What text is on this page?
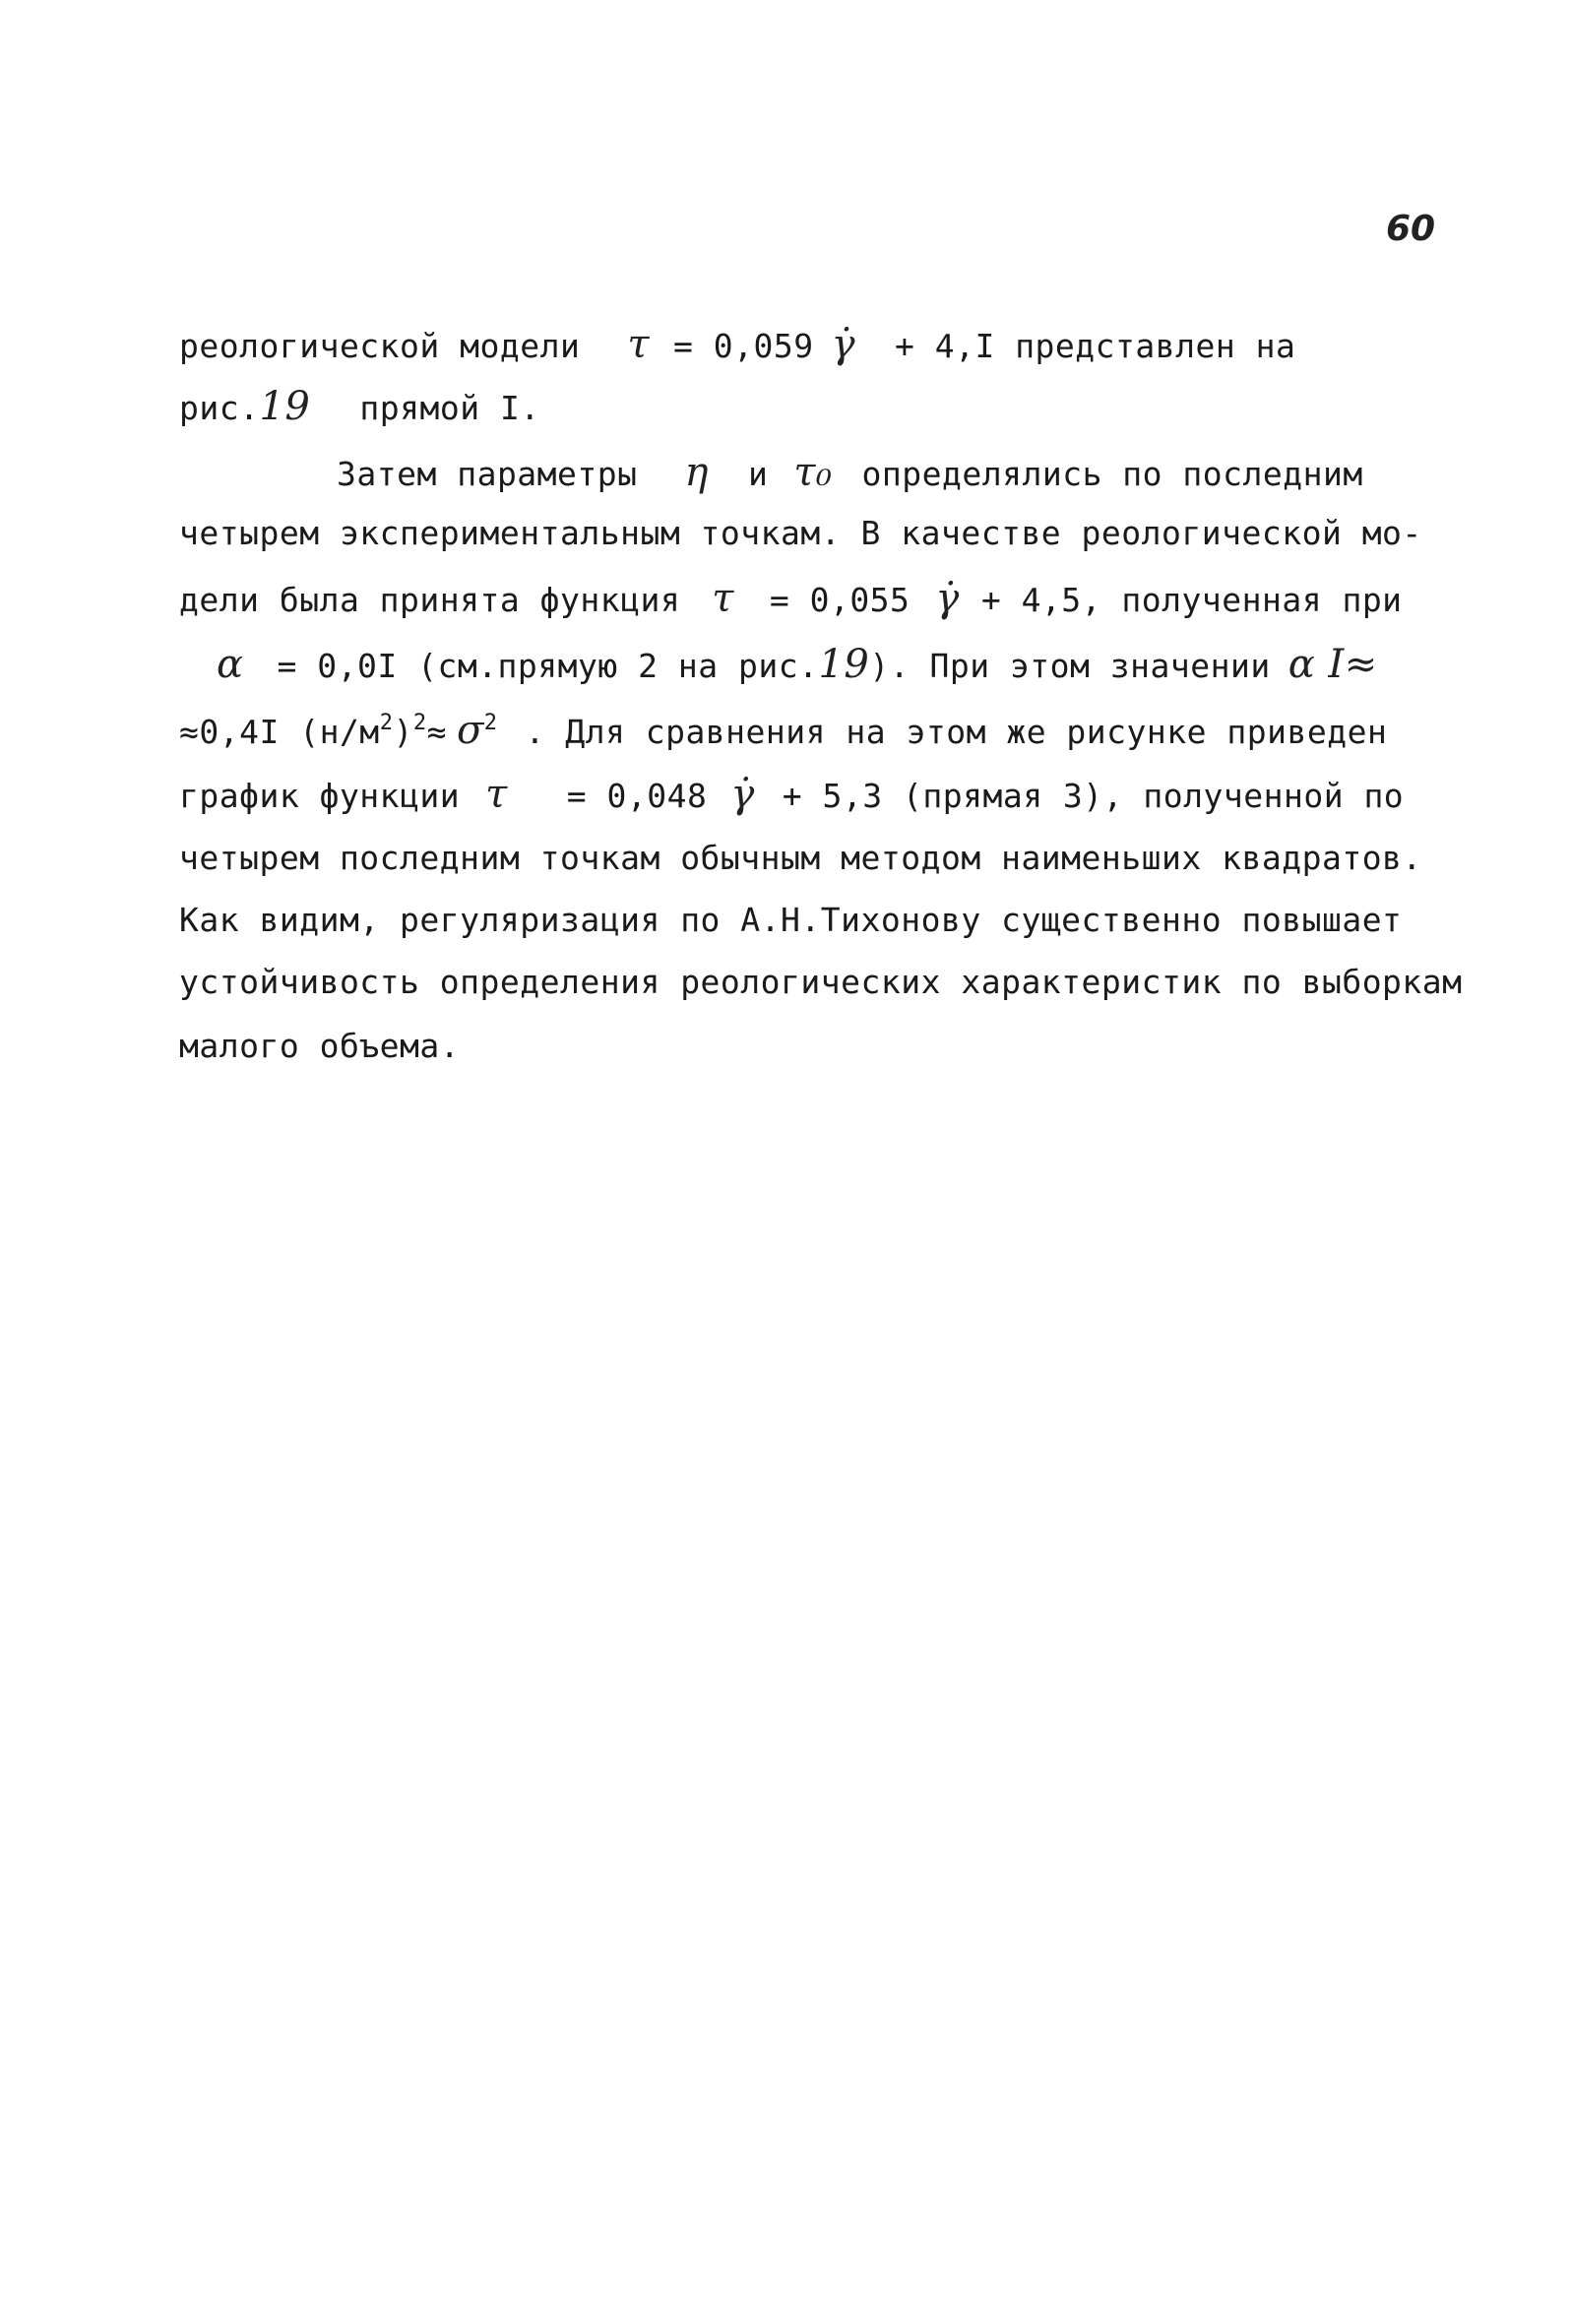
60
реологической модели τ = 0,059 γ̇ + 4,I представлен на
рис.19 прямой I.
Затем параметры η и τ₀ определялись по последним
четырем экспериментальным точкам. В качестве реологической мо-
дели была принята функция τ = 0,055 γ̇ + 4,5, полученная при
α = 0,0I (см.прямую 2 на рис.19). При этом значении α I≈
≈0,4I $(н/м^2)^2\approx \sigma^2$ . Для сравнения на этом же рисунке приведен
график функции τ = 0,048 γ̇ + 5,3 (прямая 3), полученной по
четырем последним точкам обычным методом наименьших квадратов.
Как видим, регуляризация по А.Н.Тихонову существенно повышает
устойчивость определения реологических характеристик по выборкам
малого объема.
